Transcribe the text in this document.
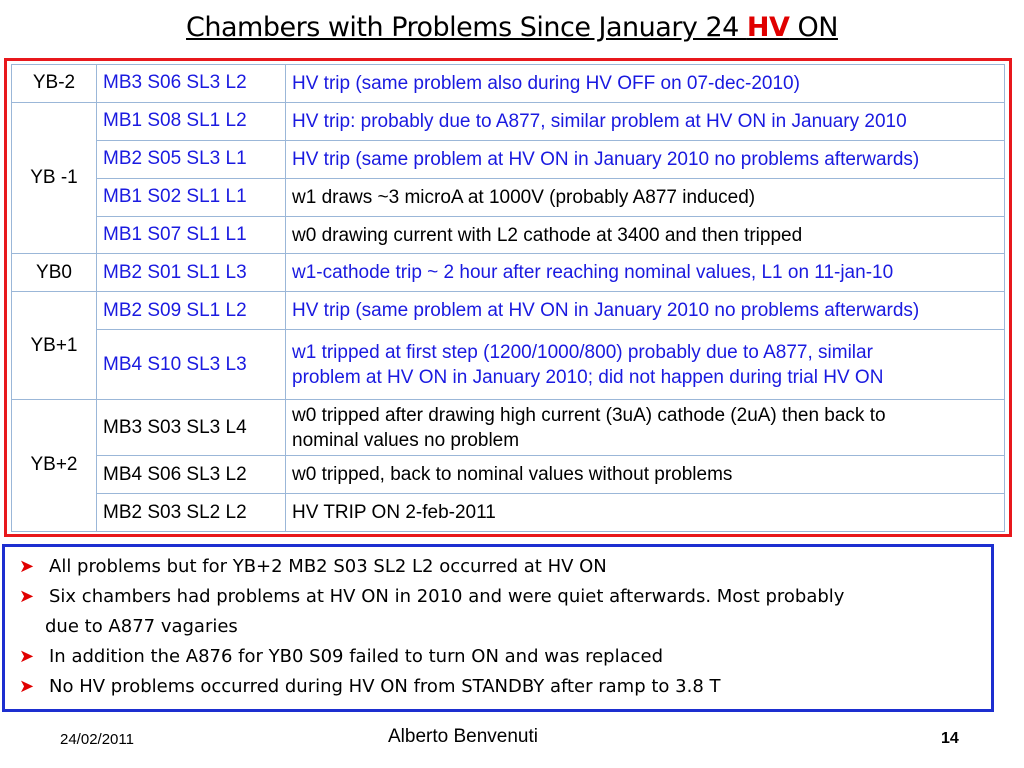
Chambers with Problems Since January 24 HV ON
YB-2	MB3 S06 SL3 L2	HV trip (same problem also during HV OFF on 07-dec-2010)
YB -1	MB1 S08 SL1 L2	HV trip: probably due to A877, similar problem at HV ON in January 2010
	MB2 S05 SL3 L1	HV trip (same problem at HV ON in January 2010 no problems afterwards)
	MB1 S02 SL1 L1	w1 draws ~3 microA at 1000V (probably A877 induced)
	MB1 S07 SL1 L1	w0 drawing current with L2 cathode at 3400 and then tripped
YB0	MB2 S01 SL1 L3	w1-cathode trip ~ 2 hour after reaching nominal values, L1 on 11-jan-10
YB+1	MB2 S09 SL1 L2	HV trip (same problem at HV ON in January 2010 no problems afterwards)
	MB4 S10 SL3 L3	w1 tripped at first step (1200/1000/800) probably due to A877, similar
problem at HV ON in January 2010; did not happen during trial HV ON
YB+2	MB3 S03 SL3 L4	w0 tripped after drawing high current (3uA) cathode (2uA) then back to
nominal values no problem
	MB4 S06 SL3 L2	w0 tripped, back to nominal values without problems
	MB2 S03 SL2 L2	HV TRIP ON 2-feb-2011
➤ All problems but for YB+2 MB2 S03 SL2 L2 occurred at HV ON
➤ Six chambers had problems at HV ON in 2010 and were quiet afterwards. Most probably
due to A877 vagaries
➤ In addition the A876 for YB0 S09 failed to turn ON and was replaced
➤ No HV problems occurred during HV ON from STANDBY after ramp to 3.8 T
24/02/2011	Alberto Benvenuti	14
